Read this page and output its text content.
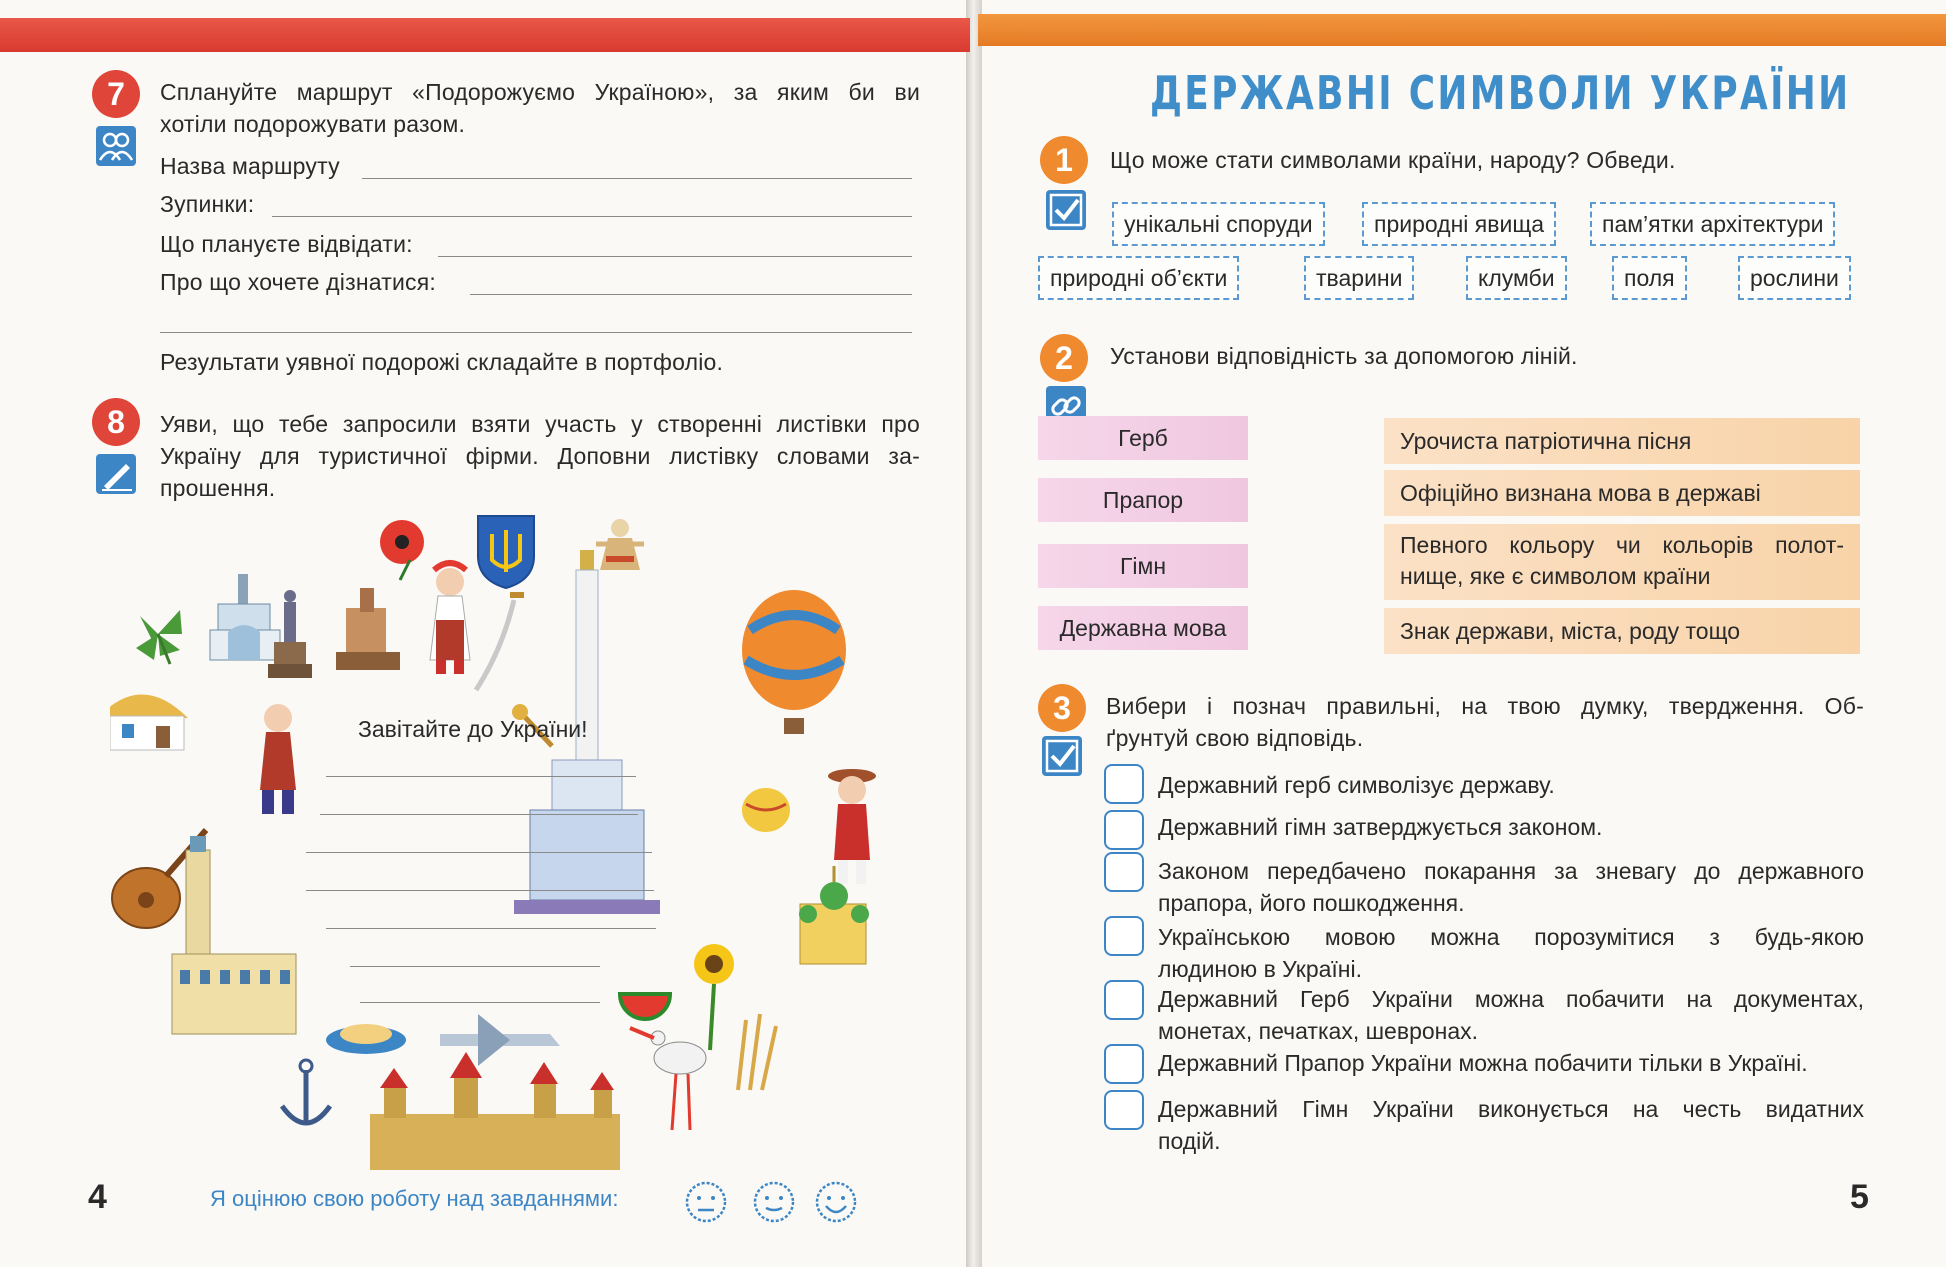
7	Сплануйте маршрут «Подорожуємо Україною», за яким би ви
хотіли подорожувати разом.
Назва маршруту
Зупинки:
Що плануєте відвідати:
Про що хочете дізнатися:
Результати уявної подорожі складайте в портфоліо.
8	Уяви, що тебе запросили взяти участь у створенні листівки про
Україну для туристичної фірми. Доповни листівку словами за-
прошення.
Завітайте до України!
4	Я оцінюю свою роботу над завданнями:
ДЕРЖАВНІ СИМВОЛИ УКРАЇНИ
1	Що може стати символами країни, народу? Обведи.
унікальні споруди	природні явища	пам’ятки архітектури
природні об’єкти	тварини	клумби	поля	рослини
2	Установи відповідність за допомогою ліній.
Герб
Прапор
Гімн
Державна мова
Урочиста патріотична пісня
Офіційно визнана мова в державі
Певного кольору чи кольорів полот-
нище, яке є символом країни
Знак держави, міста, роду тощо
3	Вибери і познач правильні, на твою думку, твердження. Об-
ґрунтуй свою відповідь.
Державний герб символізує державу.
Державний гімн затверджується законом.
Законом передбачено покарання за зневагу до державного
прапора, його пошкодження.
Українською мовою можна порозумітися з будь-якою
людиною в Україні.
Державний Герб України можна побачити на документах,
монетах, печатках, шевронах.
Державний Прапор України можна побачити тільки в Україні.
Державний Гімн України виконується на честь видатних
подій.
5
